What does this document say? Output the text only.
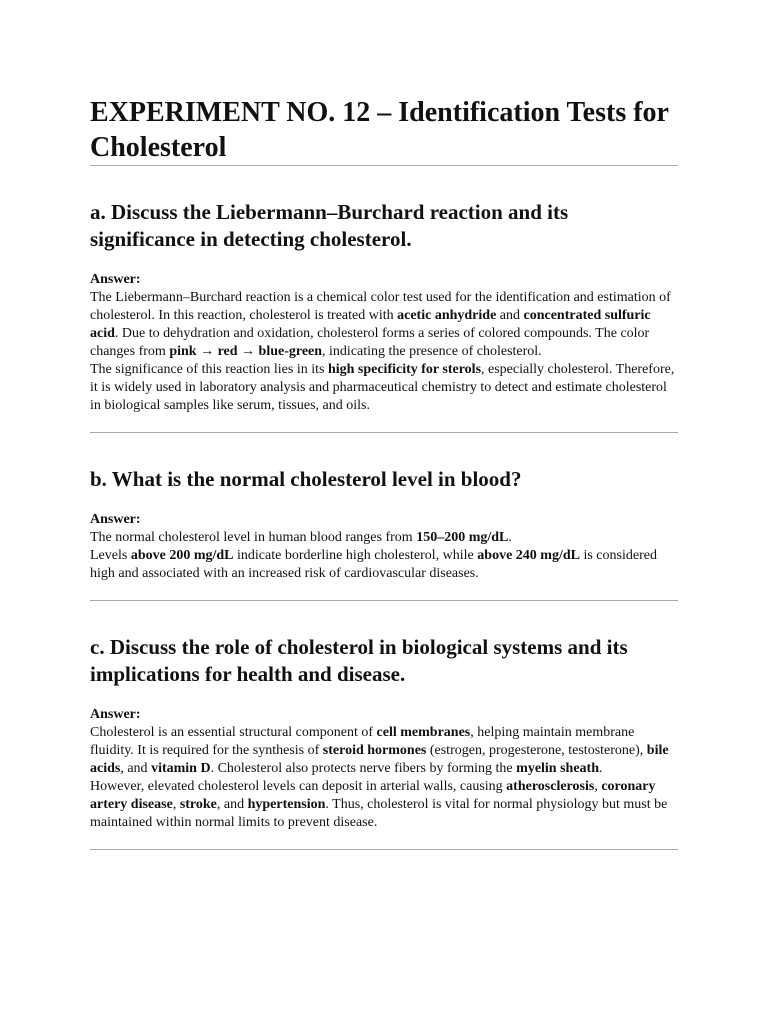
EXPERIMENT NO. 12 – Identification Tests for Cholesterol
a. Discuss the Liebermann–Burchard reaction and its significance in detecting cholesterol.

Answer:

The Liebermann–Burchard reaction is a chemical color test used for the identification and estimation of cholesterol. In this reaction, cholesterol is treated with acetic anhydride and concentrated sulfuric acid. Due to dehydration and oxidation, cholesterol forms a series of colored compounds. The color changes from pink → red → blue-green, indicating the presence of cholesterol.

The significance of this reaction lies in its high specificity for sterols, especially cholesterol. Therefore, it is widely used in laboratory analysis and pharmaceutical chemistry to detect and estimate cholesterol in biological samples like serum, tissues, and oils.

b. What is the normal cholesterol level in blood?

Answer:

The normal cholesterol level in human blood ranges from 150–200 mg/dL.

Levels above 200 mg/dL indicate borderline high cholesterol, while above 240 mg/dL is considered high and associated with an increased risk of cardiovascular diseases.

c. Discuss the role of cholesterol in biological systems and its implications for health and disease.

Answer:

Cholesterol is an essential structural component of cell membranes, helping maintain membrane fluidity. It is required for the synthesis of steroid hormones (estrogen, progesterone, testosterone), bile acids, and vitamin D. Cholesterol also protects nerve fibers by forming the myelin sheath.

However, elevated cholesterol levels can deposit in arterial walls, causing atherosclerosis, coronary artery disease, stroke, and hypertension. Thus, cholesterol is vital for normal physiology but must be maintained within normal limits to prevent disease.
